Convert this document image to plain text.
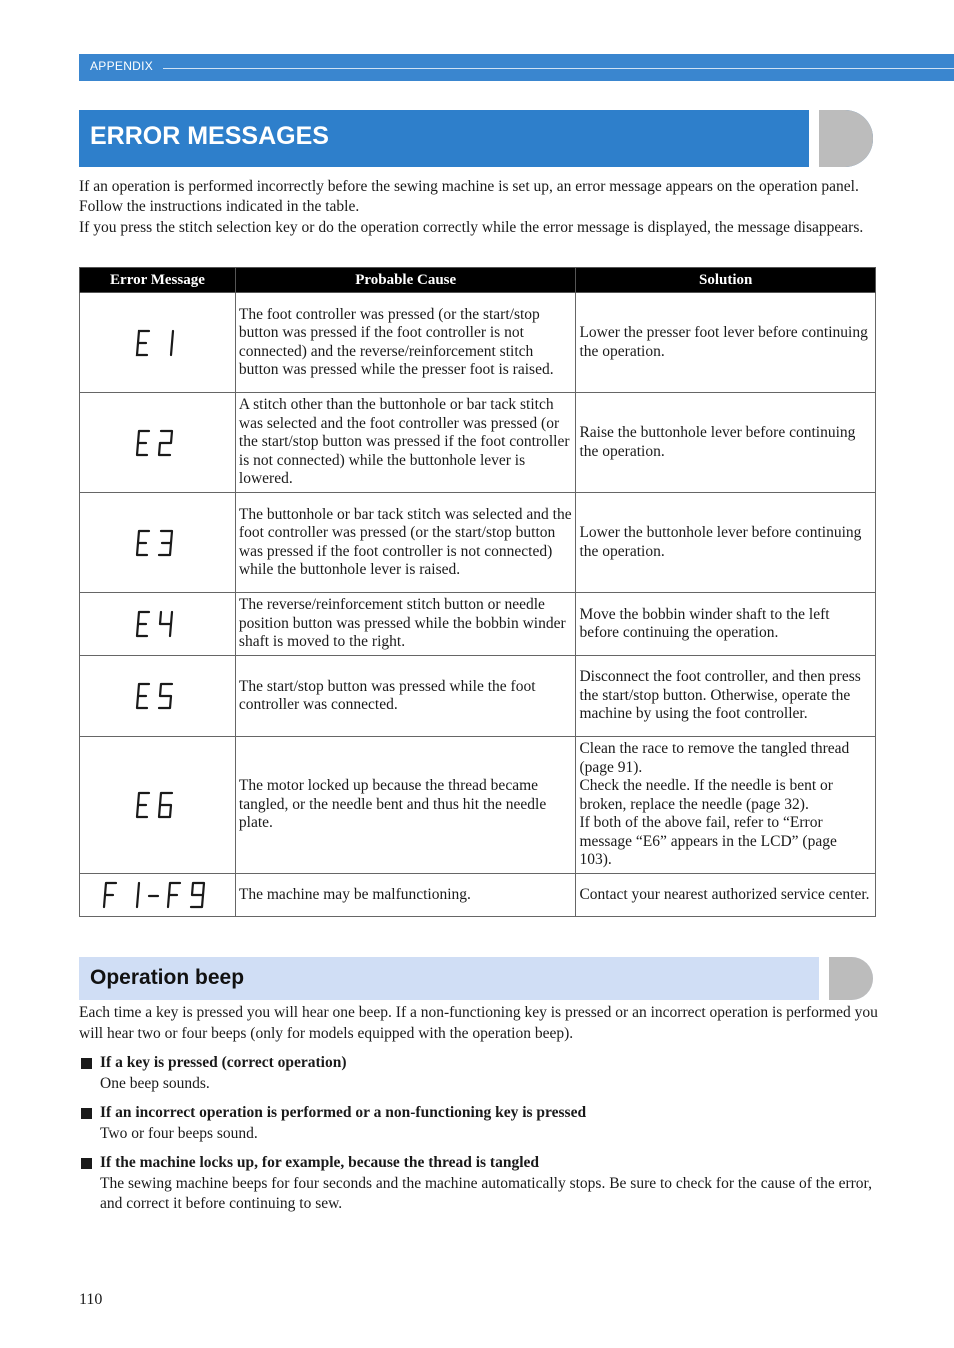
APPENDIX
ERROR MESSAGES
If an operation is performed incorrectly before the sewing machine is set up, an error message appears on the operation panel. Follow the instructions indicated in the table.
If you press the stitch selection key or do the operation correctly while the error message is displayed, the message disappears.
Error Message	Probable Cause	Solution

	The foot controller was pressed (or the start/stop button was pressed if the foot controller is not connected) and the reverse/reinforcement stitch button was pressed while the presser foot is raised.	Lower the presser foot lever before continuing the operation.

	A stitch other than the buttonhole or bar tack stitch was selected and the foot controller was pressed (or the start/stop button was pressed if the foot controller is not connected) while the buttonhole lever is lowered.	Raise the buttonhole lever before continuing the operation.

	The buttonhole or bar tack stitch was selected and the foot controller was pressed (or the start/stop button was pressed if the foot controller is not connected) while the buttonhole lever is raised.	Lower the buttonhole lever before continuing the operation.

	The reverse/reinforcement stitch button or needle position button was pressed while the bobbin winder shaft is moved to the right.	Move the bobbin winder shaft to the left before continuing the operation.

	The start/stop button was pressed while the foot controller was connected.	Disconnect the foot controller, and then press the start/stop button. Otherwise, operate the machine by using the foot controller.

	The motor locked up because the thread became tangled, or the needle bent and thus hit the needle plate.	Clean the race to remove the tangled thread (page 91).
Check the needle. If the needle is bent or broken, replace the needle (page 32).
If both of the above fail, refer to “Error message “E6” appears in the LCD” (page 103).

	The machine may be malfunctioning.	Contact your nearest authorized service center.
Operation beep

Each time a key is pressed you will hear one beep. If a non-functioning key is pressed or an incorrect operation is performed you will hear two or four beeps (only for models equipped with the operation beep).

If a key is pressed (correct operation)
One beep sounds.
If an incorrect operation is performed or a non-functioning key is pressed
Two or four beeps sound.
If the machine locks up, for example, because the thread is tangled
The sewing machine beeps for four seconds and the machine automatically stops. Be sure to check for the cause of the error, and correct it before continuing to sew.
110
